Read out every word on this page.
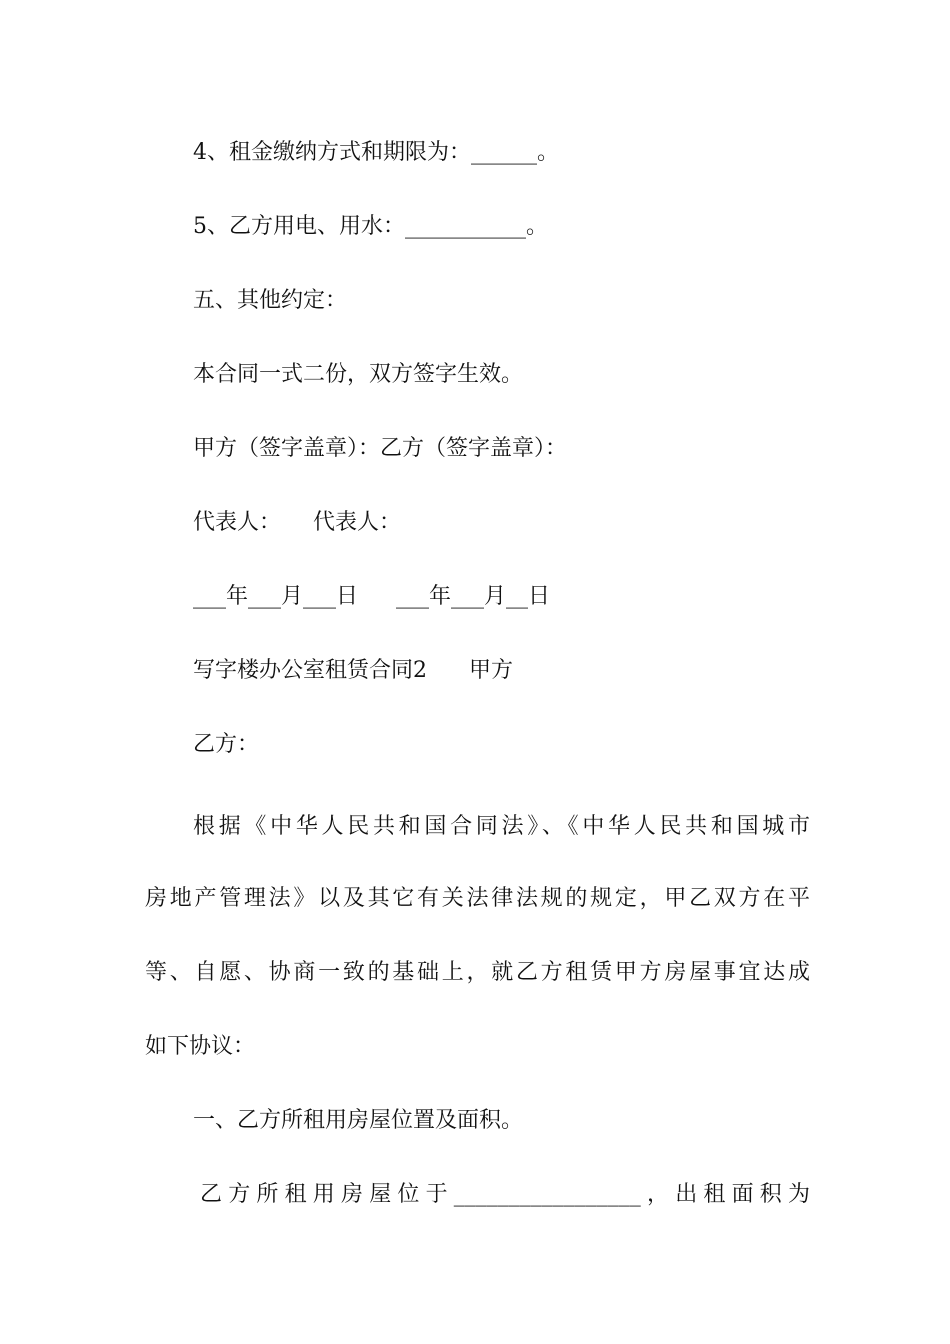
4、租金缴纳方式和期限为：______。
5、乙方用电、用水：___________。
五、其他约定：
本合同一式二份，双方签字生效。
甲方（签字盖章）：乙方（签字盖章）：
代表人： 代表人：
___年___月___日 ___年___月__日
写字楼办公室租赁合同2 甲方
乙方：
根据《中华人民共和国合同法》、《中华人民共和国城市
房地产管理法》以及其它有关法律法规的规定，甲乙双方在平
等、自愿、协商一致的基础上，就乙方租赁甲方房屋事宜达成
如下协议：
一、乙方所租用房屋位置及面积。
乙方所租用房屋位于_________________，出租面积为
